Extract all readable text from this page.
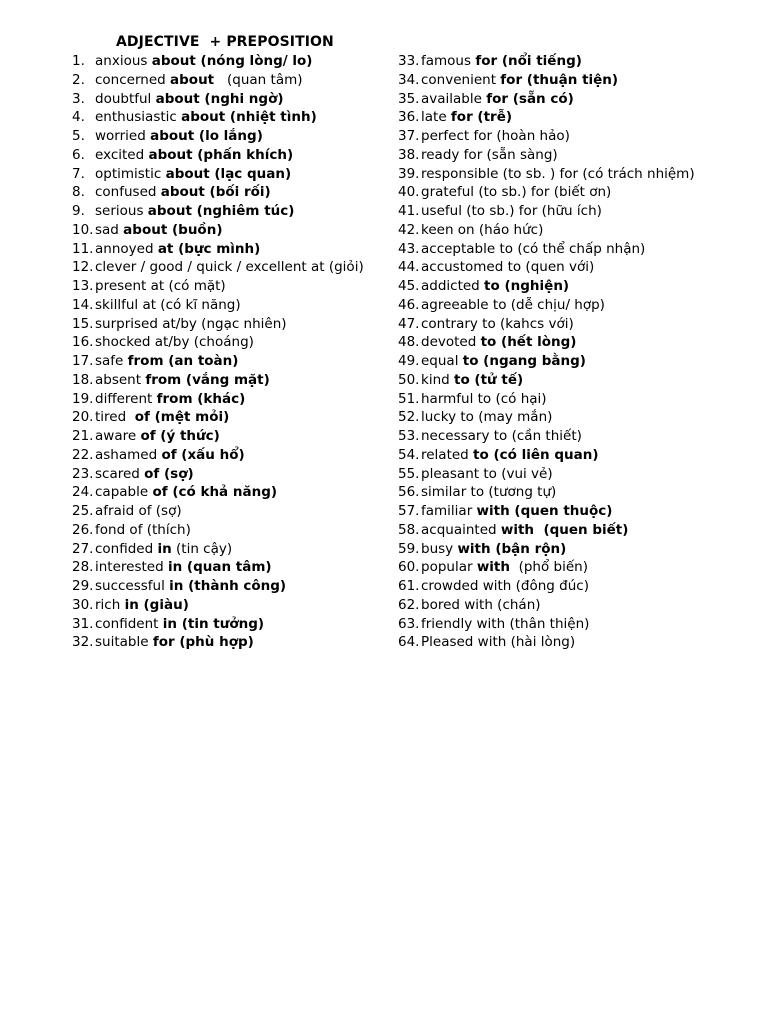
ADJECTIVE  + PREPOSITION
1. anxious about (nóng lòng/ lo)
2. concerned about   (quan tâm)
3. doubtful about (nghi ngờ)
4. enthusiastic about (nhiệt tình)
5. worried about (lo lắng)
6. excited about (phấn khích)
7. optimistic about (lạc quan)
8. confused about (bối rối)
9. serious about (nghiêm túc)
10. sad about (buồn)
11. annoyed at (bực mình)
12. clever / good / quick / excellent at (giỏi)
13. present at (có mặt)
14. skillful at (có kĩ năng)
15. surprised at/by (ngạc nhiên)
16. shocked at/by (choáng)
17. safe from (an toàn)
18. absent from (vắng mặt)
19. different from (khác)
20. tired  of (mệt mỏi)
21. aware of (ý thức)
22. ashamed of (xấu hổ)
23. scared of (sợ)
24. capable of (có khả năng)
25. afraid of (sợ)
26. fond of (thích)
27. confided in (tin cậy)
28. interested in (quan tâm)
29. successful in (thành công)
30. rich in (giàu)
31. confident in (tin tưởng)
32. suitable for (phù hợp)
33. famous for (nổi tiếng)
34. convenient for (thuận tiện)
35. available for (sẵn có)
36. late for (trễ)
37. perfect for (hoàn hảo)
38. ready for (sẵn sàng)
39. responsible (to sb. ) for (có trách nhiệm)
40. grateful (to sb.) for (biết ơn)
41. useful (to sb.) for (hữu ích)
42. keen on (háo hức)
43. acceptable to (có thể chấp nhận)
44. accustomed to (quen với)
45. addicted to (nghiện)
46. agreeable to (dễ chịu/ hợp)
47. contrary to (kahcs với)
48. devoted to (hết lòng)
49. equal to (ngang bằng)
50. kind to (tử tế)
51. harmful to (có hại)
52. lucky to (may mắn)
53. necessary to (cần thiết)
54. related to (có liên quan)
55. pleasant to (vui vẻ)
56. similar to (tương tự)
57. familiar with (quen thuộc)
58. acquainted with  (quen biết)
59. busy with (bận rộn)
60. popular with  (phổ biến)
61. crowded with (đông đúc)
62. bored with (chán)
63. friendly with (thân thiện)
64. Pleased with (hài lòng)
